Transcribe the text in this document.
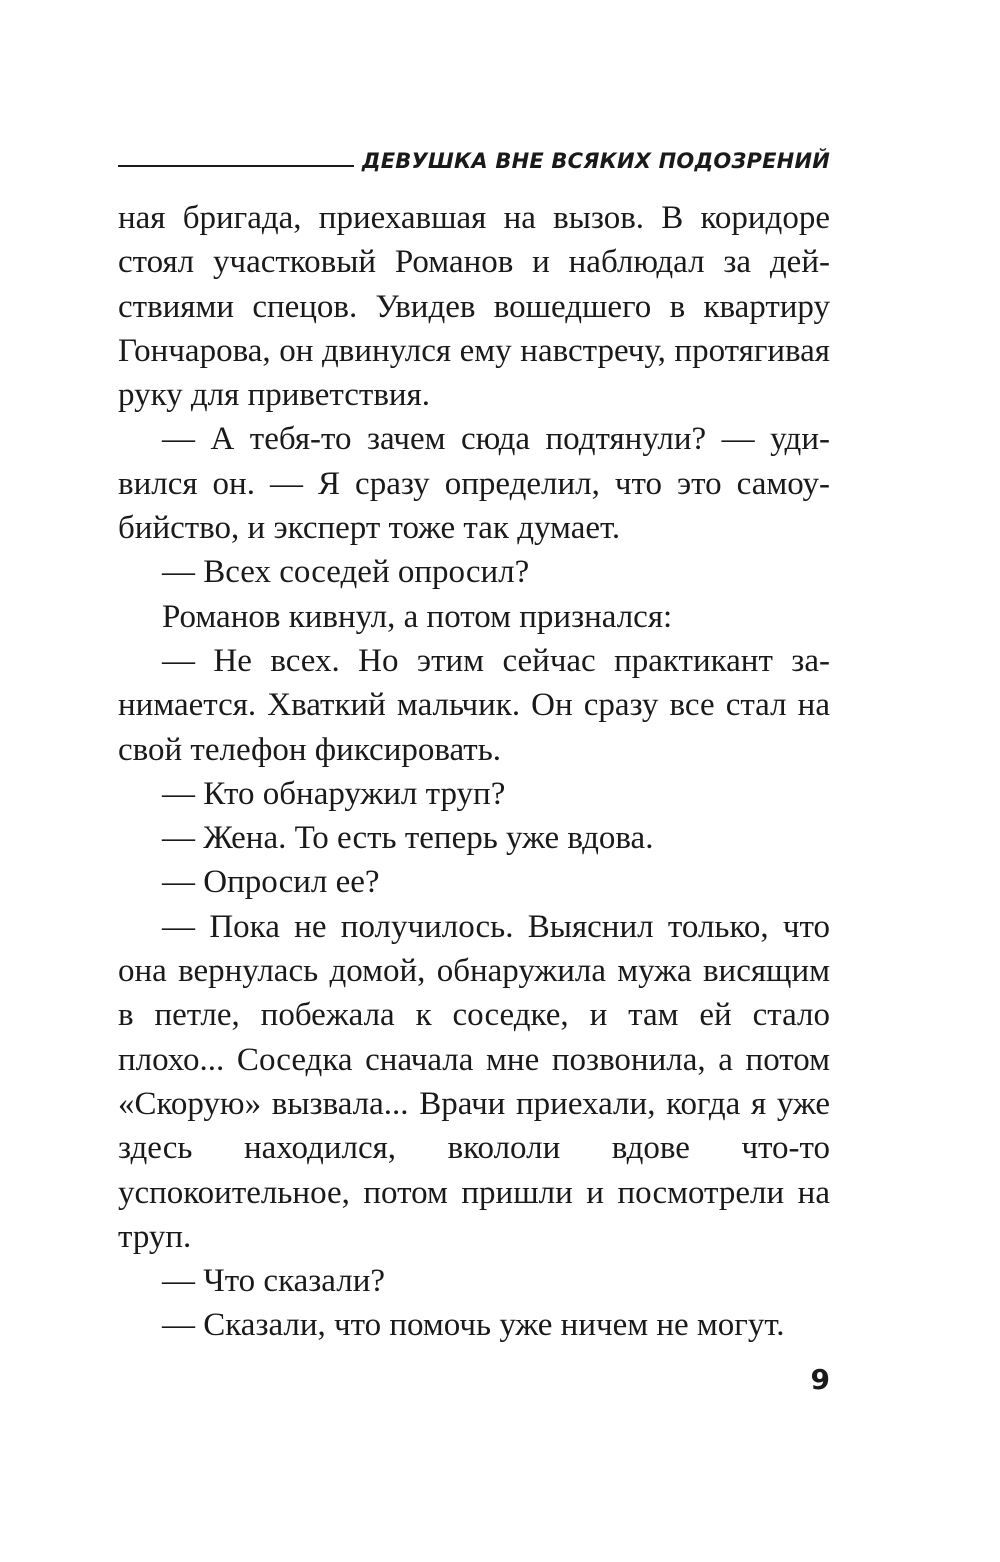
ДЕВУШКА ВНЕ ВСЯКИХ ПОДОЗРЕНИЙ

ная бригада, приехавшая на вызов. В коридоре стоял участковый Романов и наблюдал за действиями спецов. Увидев вошедшего в квартиру Гончарова, он двинулся ему навстречу, протягивая руку для приветствия.

— А тебя-то зачем сюда подтянули? — удивился он. — Я сразу определил, что это самоубийство, и эксперт тоже так думает.

— Всех соседей опросил?

Романов кивнул, а потом признался:

— Не всех. Но этим сейчас практикант занимается. Хваткий мальчик. Он сразу все стал на свой телефон фиксировать.

— Кто обнаружил труп?

— Жена. То есть теперь уже вдова.

— Опросил ее?

— Пока не получилось. Выяснил только, что она вернулась домой, обнаружила мужа висящим в петле, побежала к соседке, и там ей стало плохо... Соседка сначала мне позвонила, а потом «Скорую» вызвала... Врачи приехали, когда я уже здесь находился, вкололи вдове что-то успокоительное, потом пришли и посмотрели на труп.

— Что сказали?

— Сказали, что помочь уже ничем не могут.

9
